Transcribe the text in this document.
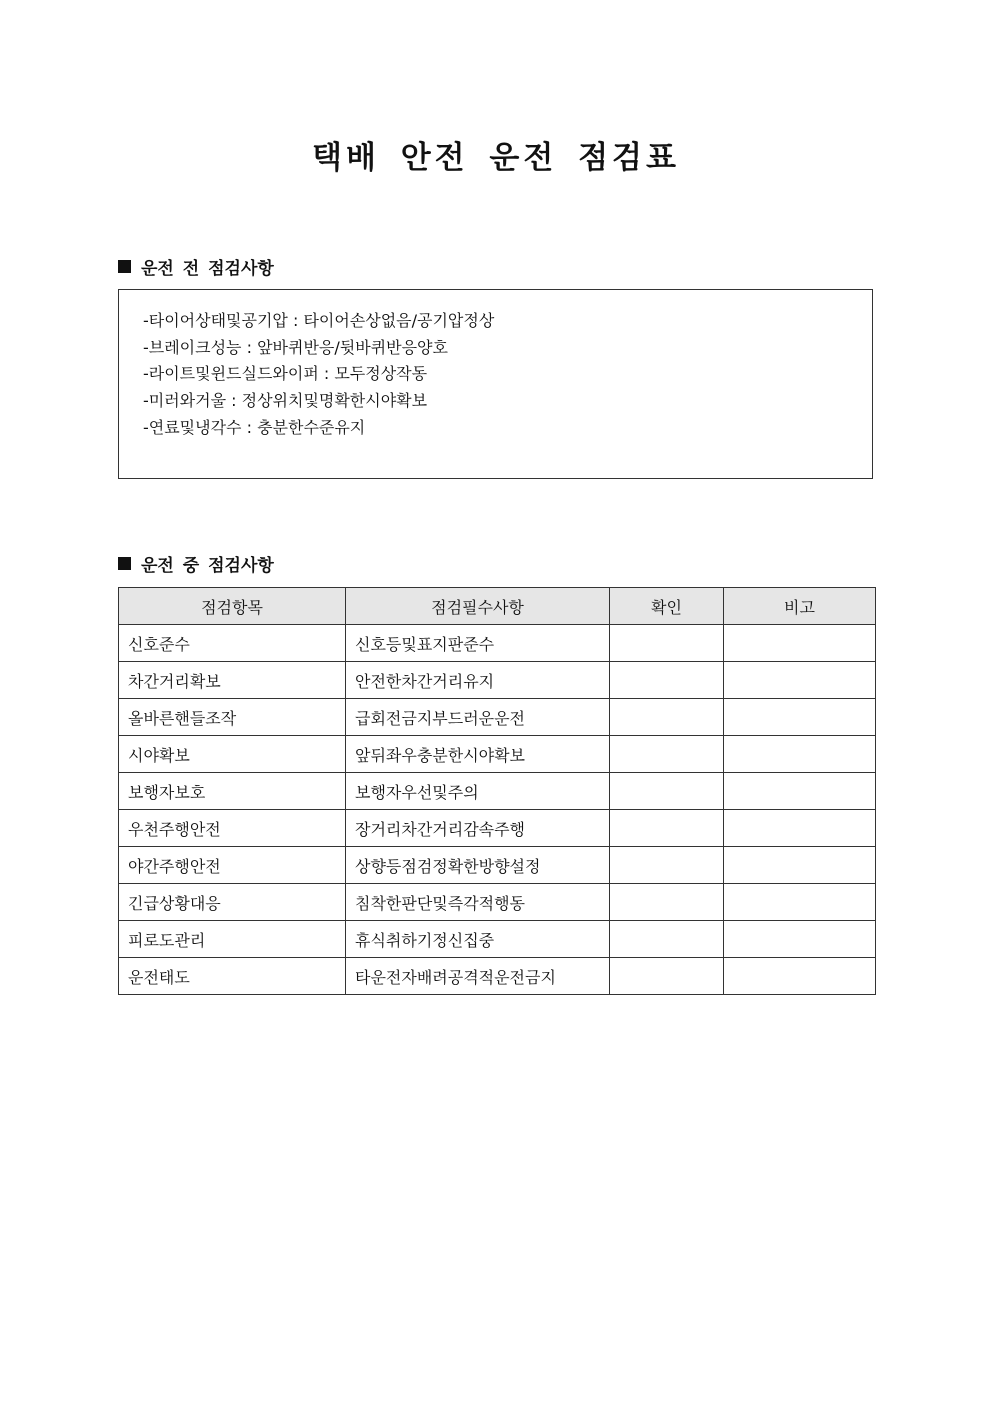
택배 안전 운전 점검표
운전 전 점검사항
-타이어상태및공기압 : 타이어손상없음/공기압정상
-브레이크성능 : 앞바퀴반응/뒷바퀴반응양호
-라이트및윈드실드와이퍼 : 모두정상작동
-미러와거울 : 정상위치및명확한시야확보
-연료및냉각수 : 충분한수준유지
운전 중 점검사항
점검항목	점검필수사항	확인	비고
신호준수	신호등및표지판준수		
차간거리확보	안전한차간거리유지		
올바른핸들조작	급회전금지부드러운운전		
시야확보	앞뒤좌우충분한시야확보		
보행자보호	보행자우선및주의		
우천주행안전	장거리차간거리감속주행		
야간주행안전	상향등점검정확한방향설정		
긴급상황대응	침착한판단및즉각적행동		
피로도관리	휴식취하기정신집중		
운전태도	타운전자배려공격적운전금지		
